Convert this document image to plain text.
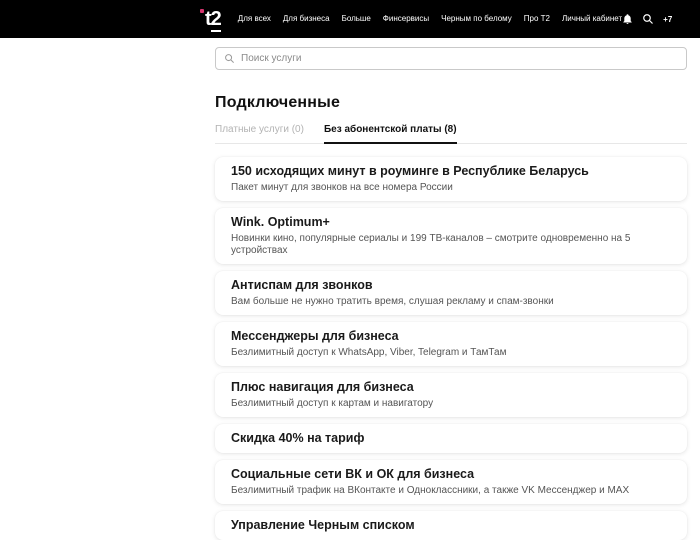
t2 Для всех Для бизнеса Больше Финсервисы Черным по белому Про Т2 Личный кабинет	+7
Поиск услуги
Подключенные
Платные услуги (0) Без абонентской платы (8)
150 исходящих минут в роуминге в Республике Беларусь
Пакет минут для звонков на все номера России
Wink. Optimum+
Новинки кино, популярные сериалы и 199 ТВ-каналов – смотрите одновременно на 5 устройствах
Антиспам для звонков
Вам больше не нужно тратить время, слушая рекламу и спам-звонки
Мессенджеры для бизнеса
Безлимитный доступ к WhatsApp, Viber, Telegram и ТамТам
Плюс навигация для бизнеса
Безлимитный доступ к картам и навигатору
Скидка 40% на тариф
Социальные сети ВК и ОК для бизнеса
Безлимитный трафик на ВКонтакте и Одноклассники, а также VK Мессенджер и MAX
Управление Черным списком
